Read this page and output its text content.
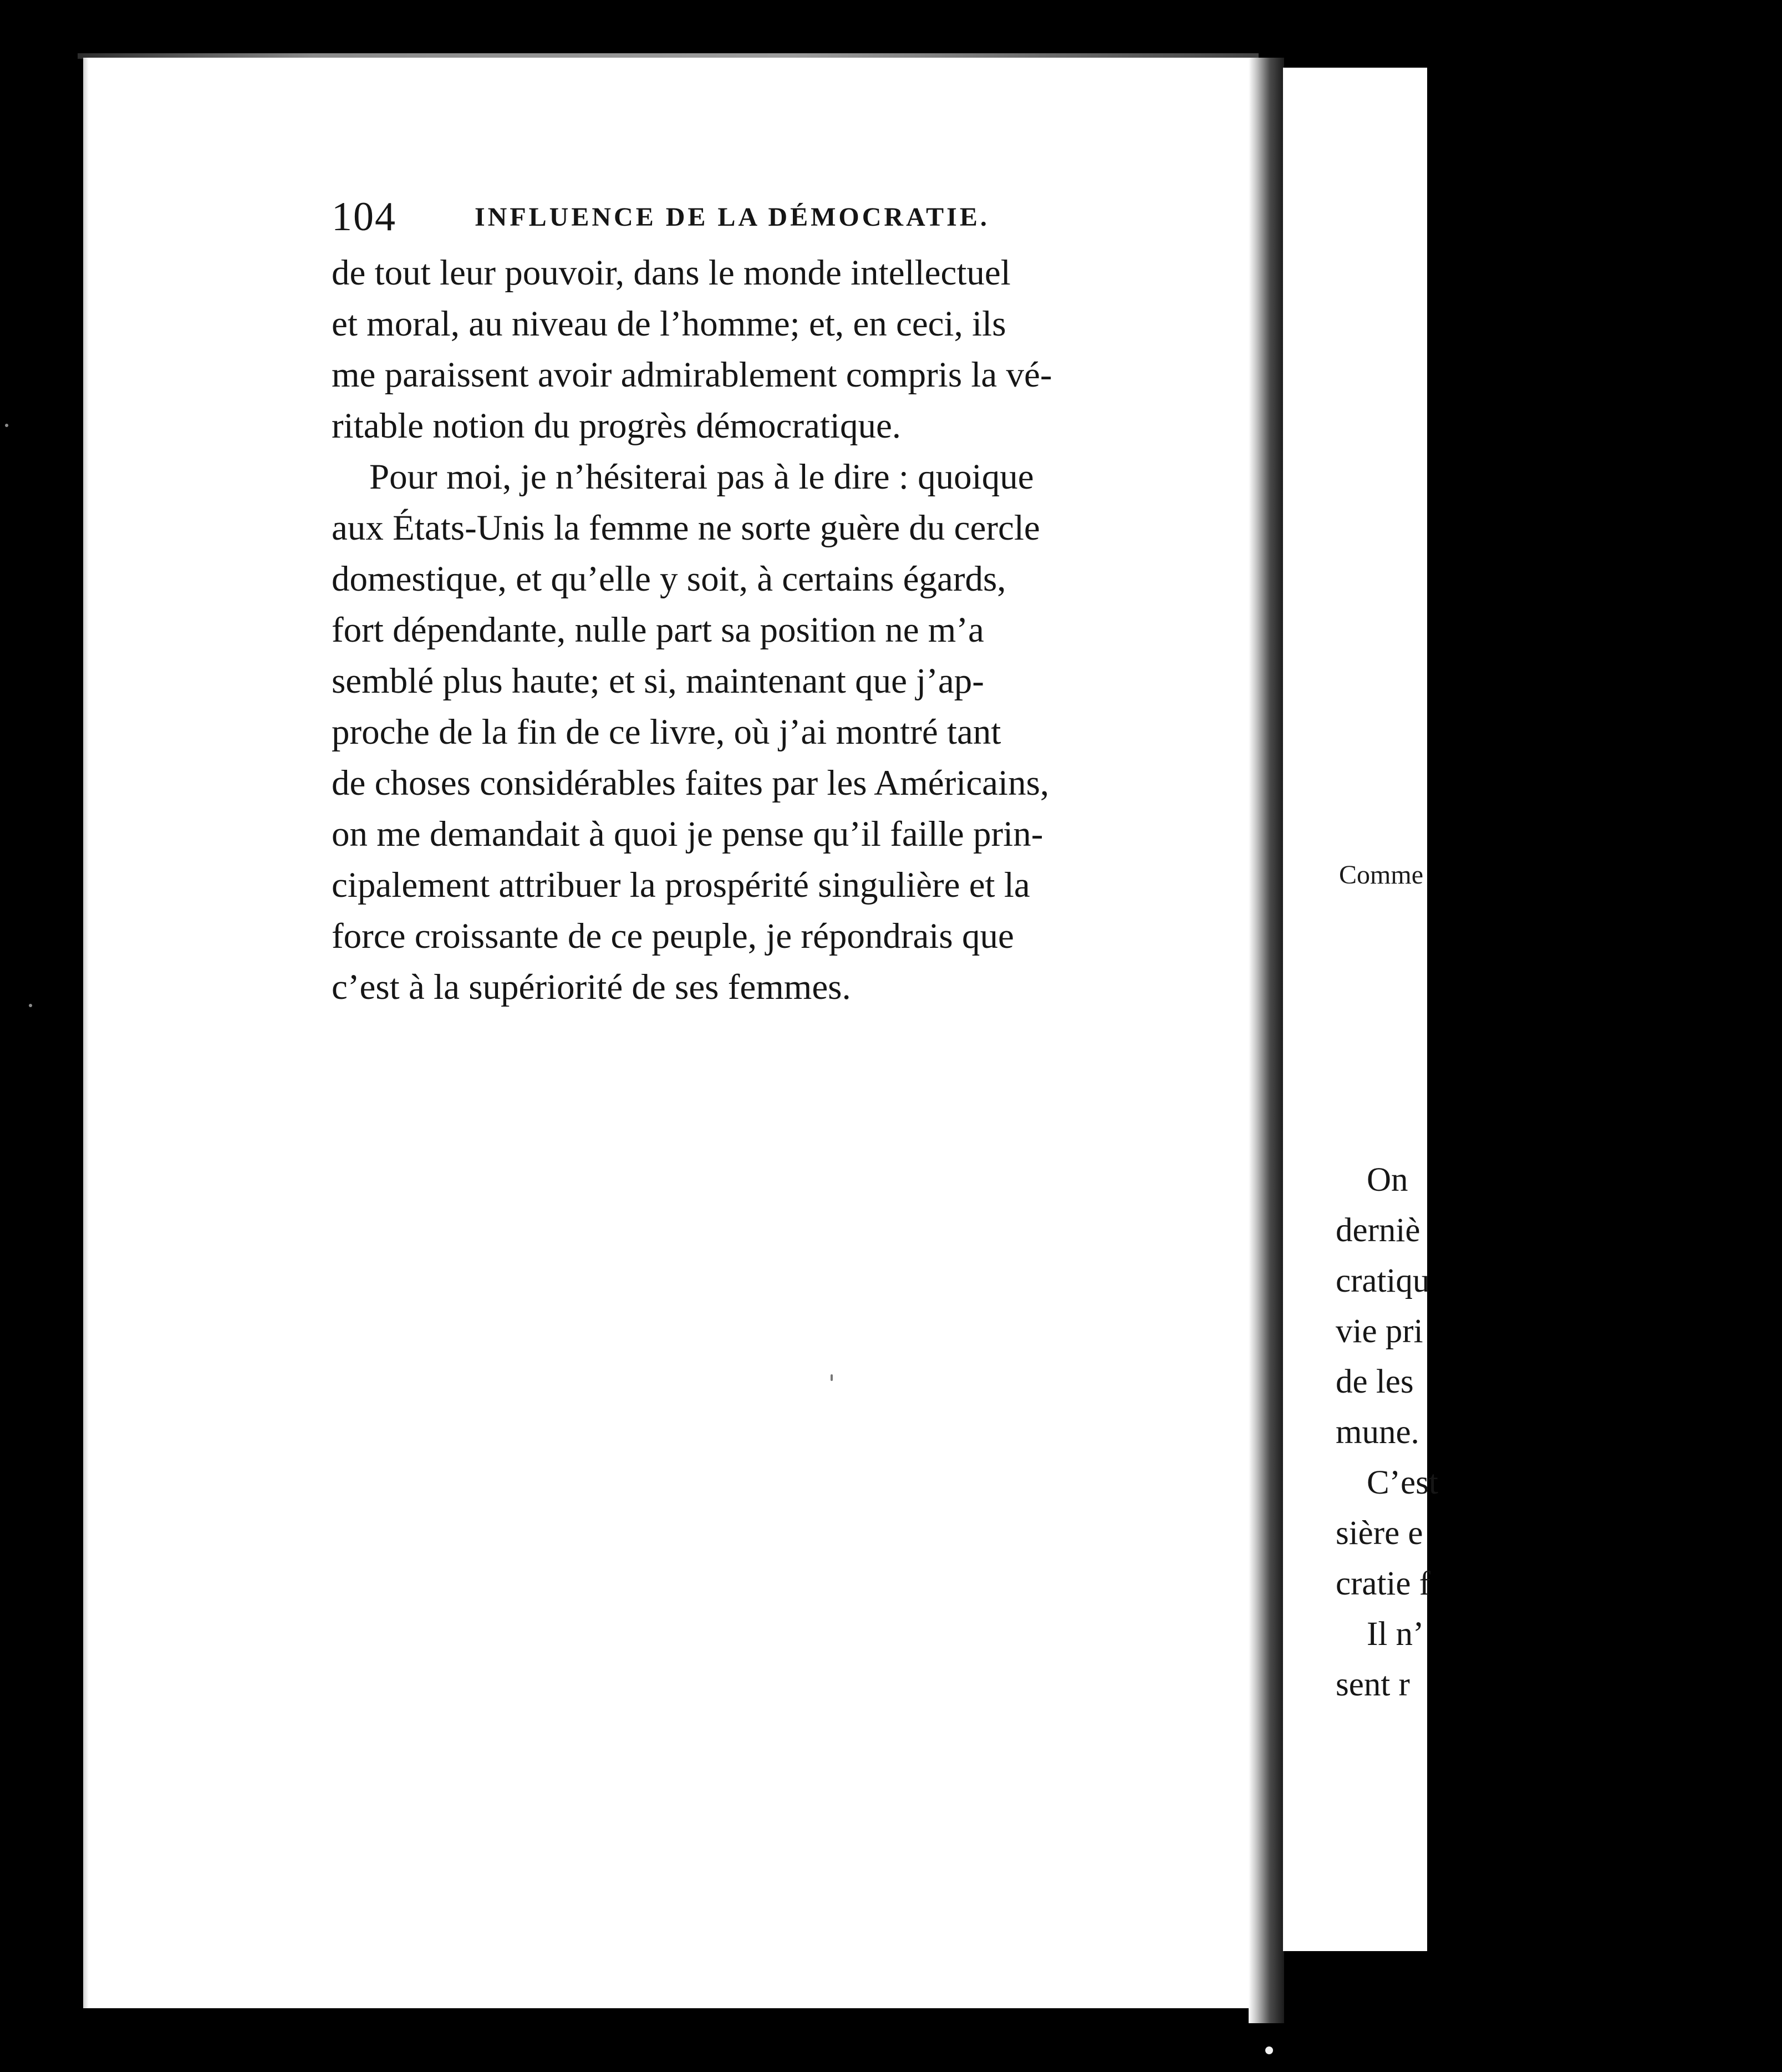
104	INFLUENCE DE LA DÉMOCRATIE.
de tout leur pouvoir, dans le monde intellectuel
et moral, au niveau de l’homme; et, en ceci, ils
me paraissent avoir admirablement compris la vé-
ritable notion du progrès démocratique.
Pour moi, je n’hésiterai pas à le dire : quoique
aux États-Unis la femme ne sorte guère du cercle
domestique, et qu’elle y soit, à certains égards,
fort dépendante, nulle part sa position ne m’a
semblé plus haute; et si, maintenant que j’ap-
proche de la fin de ce livre, où j’ai montré tant
de choses considérables faites par les Américains,
on me demandait à quoi je pense qu’il faille prin-
cipalement attribuer la prospérité singulière et la
force croissante de ce peuple, je répondrais que
c’est à la supériorité de ses femmes.
Comme
On
derniè
cratiqu
vie pri
de les
mune.
C’est
sière e
cratie f
Il n’
sent r
